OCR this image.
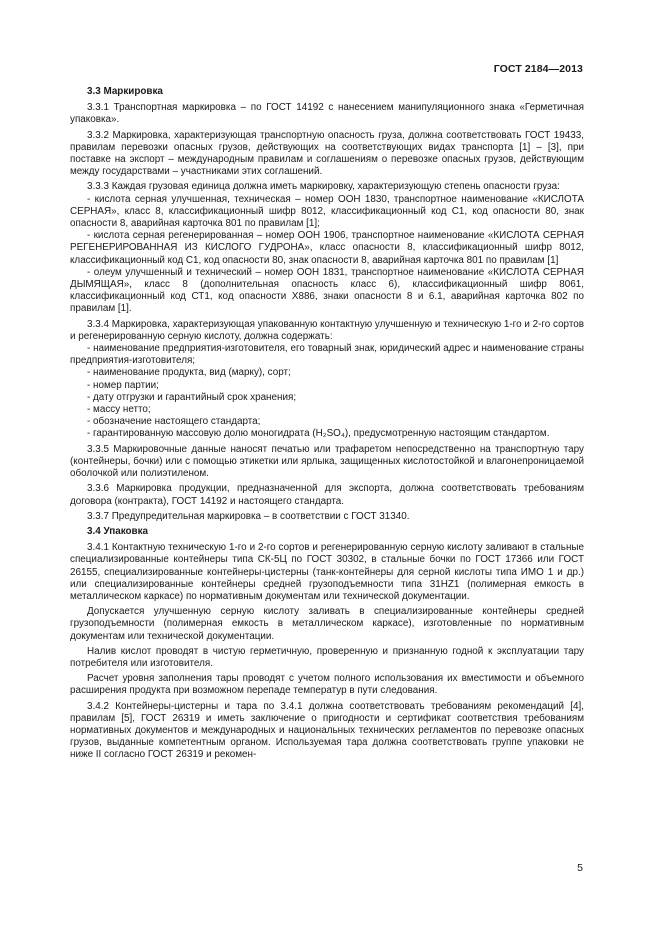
ГОСТ 2184—2013
3.3 Маркировка

3.3.1 Транспортная маркировка – по ГОСТ 14192 с нанесением манипуляционного знака «Герметичная упаковка».

3.3.2 Маркировка, характеризующая транспортную опасность груза, должна соответствовать ГОСТ 19433, правилам перевозки опасных грузов, действующих на соответствующих видах транспорта [1] – [3], при поставке на экспорт – международным правилам и соглашениям о перевозке опасных грузов, действующим между государствами – участниками этих соглашений.

3.3.3 Каждая грузовая единица должна иметь маркировку, характеризующую степень опасности груза:

- кислота серная улучшенная, техническая – номер ООН 1830, транспортное наименование «КИСЛОТА СЕРНАЯ», класс 8, классификационный шифр 8012, классификационный код С1, код опасности 80, знак опасности 8, аварийная карточка 801 по правилам [1];

- кислота серная регенерированная – номер ООН 1906, транспортное наименование «КИСЛОТА СЕРНАЯ РЕГЕНЕРИРОВАННАЯ ИЗ КИСЛОГО ГУДРОНА», класс опасности 8, классификационный шифр 8012, классификационный код С1, код опасности 80, знак опасности 8, аварийная карточка 801 по правилам [1]

- олеум улучшенный и технический – номер ООН 1831, транспортное наименование «КИСЛОТА СЕРНАЯ ДЫМЯЩАЯ», класс 8 (дополнительная опасность класс 6), классификационный шифр 8061, классификационный код СТ1, код опасности Х886, знаки опасности 8 и 6.1, аварийная карточка 802 по правилам [1].

3.3.4 Маркировка, характеризующая упакованную контактную улучшенную и техническую 1-го и 2-го сортов и регенерированную серную кислоту, должна содержать:

- наименование предприятия-изготовителя, его товарный знак, юридический адрес и наименование страны предприятия-изготовителя;

- наименование продукта, вид (марку), сорт;

- номер партии;

- дату отгрузки и гарантийный срок хранения;

- массу нетто;

- обозначение настоящего стандарта;

- гарантированную массовую долю моногидрата (H₂SO₄), предусмотренную настоящим стандартом.

3.3.5 Маркировочные данные наносят печатью или трафаретом непосредственно на транспортную тару (контейнеры, бочки) или с помощью этикетки или ярлыка, защищенных кислотостойкой и влагонепроницаемой оболочкой или полиэтиленом.

3.3.6 Маркировка продукции, предназначенной для экспорта, должна соответствовать требованиям договора (контракта), ГОСТ 14192 и настоящего стандарта.

3.3.7 Предупредительная маркировка – в соответствии с ГОСТ 31340.

3.4 Упаковка

3.4.1 Контактную техническую 1-го и 2-го сортов и регенерированную серную кислоту заливают в стальные специализированные контейнеры типа СК-5Ц по ГОСТ 30302, в стальные бочки по ГОСТ 17366 или ГОСТ 26155, специализированные контейнеры-цистерны (танк-контейнеры для серной кислоты типа ИМО 1 и др.) или специализированные контейнеры средней грузоподъемности типа 31HZ1 (полимерная емкость в металлическом каркасе) по нормативным документам или технической документации.

Допускается улучшенную серную кислоту заливать в специализированные контейнеры средней грузоподъемности (полимерная емкость в металлическом каркасе), изготовленные по нормативным документам или технической документации.

Налив кислот проводят в чистую герметичную, проверенную и признанную годной к эксплуатации тару потребителя или изготовителя.

Расчет уровня заполнения тары проводят с учетом полного использования их вместимости и объемного расширения продукта при возможном перепаде температур в пути следования.

3.4.2 Контейнеры-цистерны и тара по 3.4.1 должна соответствовать требованиям рекомендаций [4], правилам [5], ГОСТ 26319 и иметь заключение о пригодности и сертификат соответствия требованиям нормативных документов и международных и национальных технических регламентов по перевозке опасных грузов, выданные компетентным органом. Используемая тара должна соответствовать группе упаковки не ниже II согласно ГОСТ 26319 и рекомен-

5
